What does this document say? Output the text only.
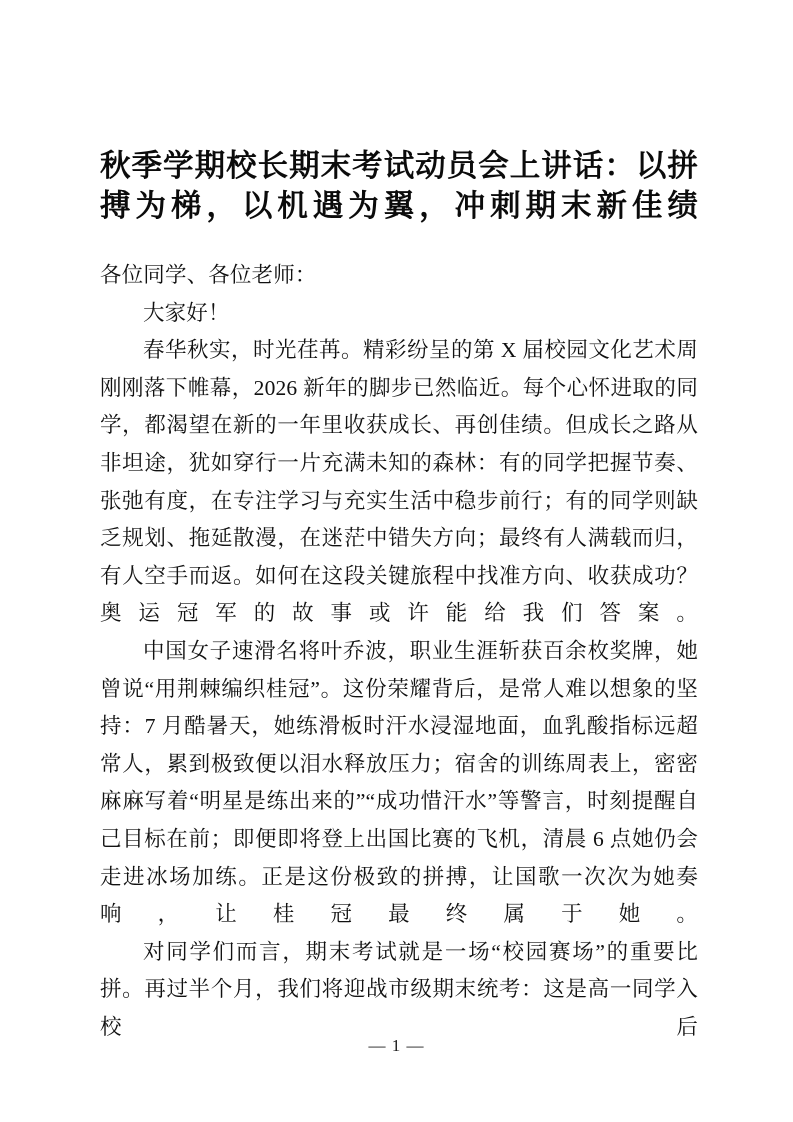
秋季学期校长期末考试动员会上讲话：以拼搏为梯，以机遇为翼，冲刺期末新佳绩

各位同学、各位老师：

大家好！

春华秋实，时光荏苒。精彩纷呈的第 X 届校园文化艺术周刚刚落下帷幕，2026 新年的脚步已然临近。每个心怀进取的同学，都渴望在新的一年里收获成长、再创佳绩。但成长之路从非坦途，犹如穿行一片充满未知的森林：有的同学把握节奏、张弛有度，在专注学习与充实生活中稳步前行；有的同学则缺乏规划、拖延散漫，在迷茫中错失方向；最终有人满载而归，有人空手而返。如何在这段关键旅程中找准方向、收获成功？奥运冠军的故事或许能给我们答案。

中国女子速滑名将叶乔波，职业生涯斩获百余枚奖牌，她曾说“用荆棘编织桂冠”。这份荣耀背后，是常人难以想象的坚持：7 月酷暑天，她练滑板时汗水浸湿地面，血乳酸指标远超常人，累到极致便以泪水释放压力；宿舍的训练周表上，密密麻麻写着“明星是练出来的”“成功惜汗水”等警言，时刻提醒自己目标在前；即便即将登上出国比赛的飞机，清晨 6 点她仍会走进冰场加练。正是这份极致的拼搏，让国歌一次次为她奏响，让桂冠最终属于她。

对同学们而言，期末考试就是一场“校园赛场”的重要比拼。再过半个月，我们将迎战市级期末统考：这是高一同学入校后

— 1 —
